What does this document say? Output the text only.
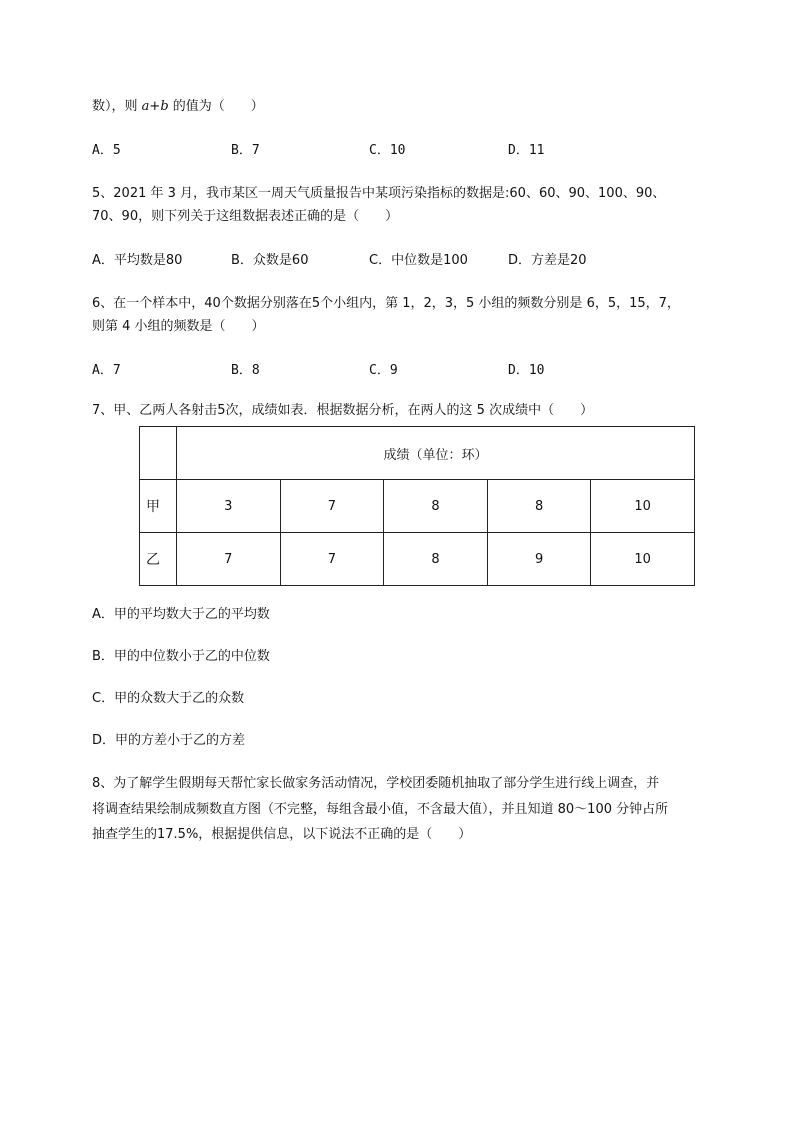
数），则 a+b 的值为（　　）
A．5	B．7	C．10	D．11
5、2021 年 3 月，我市某区一周天气质量报告中某项污染指标的数据是:60、60、90、100、90、
70、90，则下列关于这组数据表述正确的是（　　）
A．平均数是80	B．众数是60	C．中位数是100	D．方差是20
6、在一个样本中，40个数据分别落在5个小组内，第 1，2，3，5 小组的频数分别是 6，5，15，7，
则第 4 小组的频数是（　　）
A．7	B．8	C．9	D．10
7、甲、乙两人各射击5次，成绩如表．根据数据分析，在两人的这 5 次成绩中（　　）
	成绩（单位：环）				
甲	3	7	8	8	10
乙	7	7	8	9	10
A．甲的平均数大于乙的平均数
B．甲的中位数小于乙的中位数
C．甲的众数大于乙的众数
D．甲的方差小于乙的方差
8、为了解学生假期每天帮忙家长做家务活动情况，学校团委随机抽取了部分学生进行线上调查，并
将调查结果绘制成频数直方图（不完整，每组含最小值，不含最大值），并且知道 80～100 分钟占所
抽查学生的17.5%，根据提供信息，以下说法不正确的是（　　）
